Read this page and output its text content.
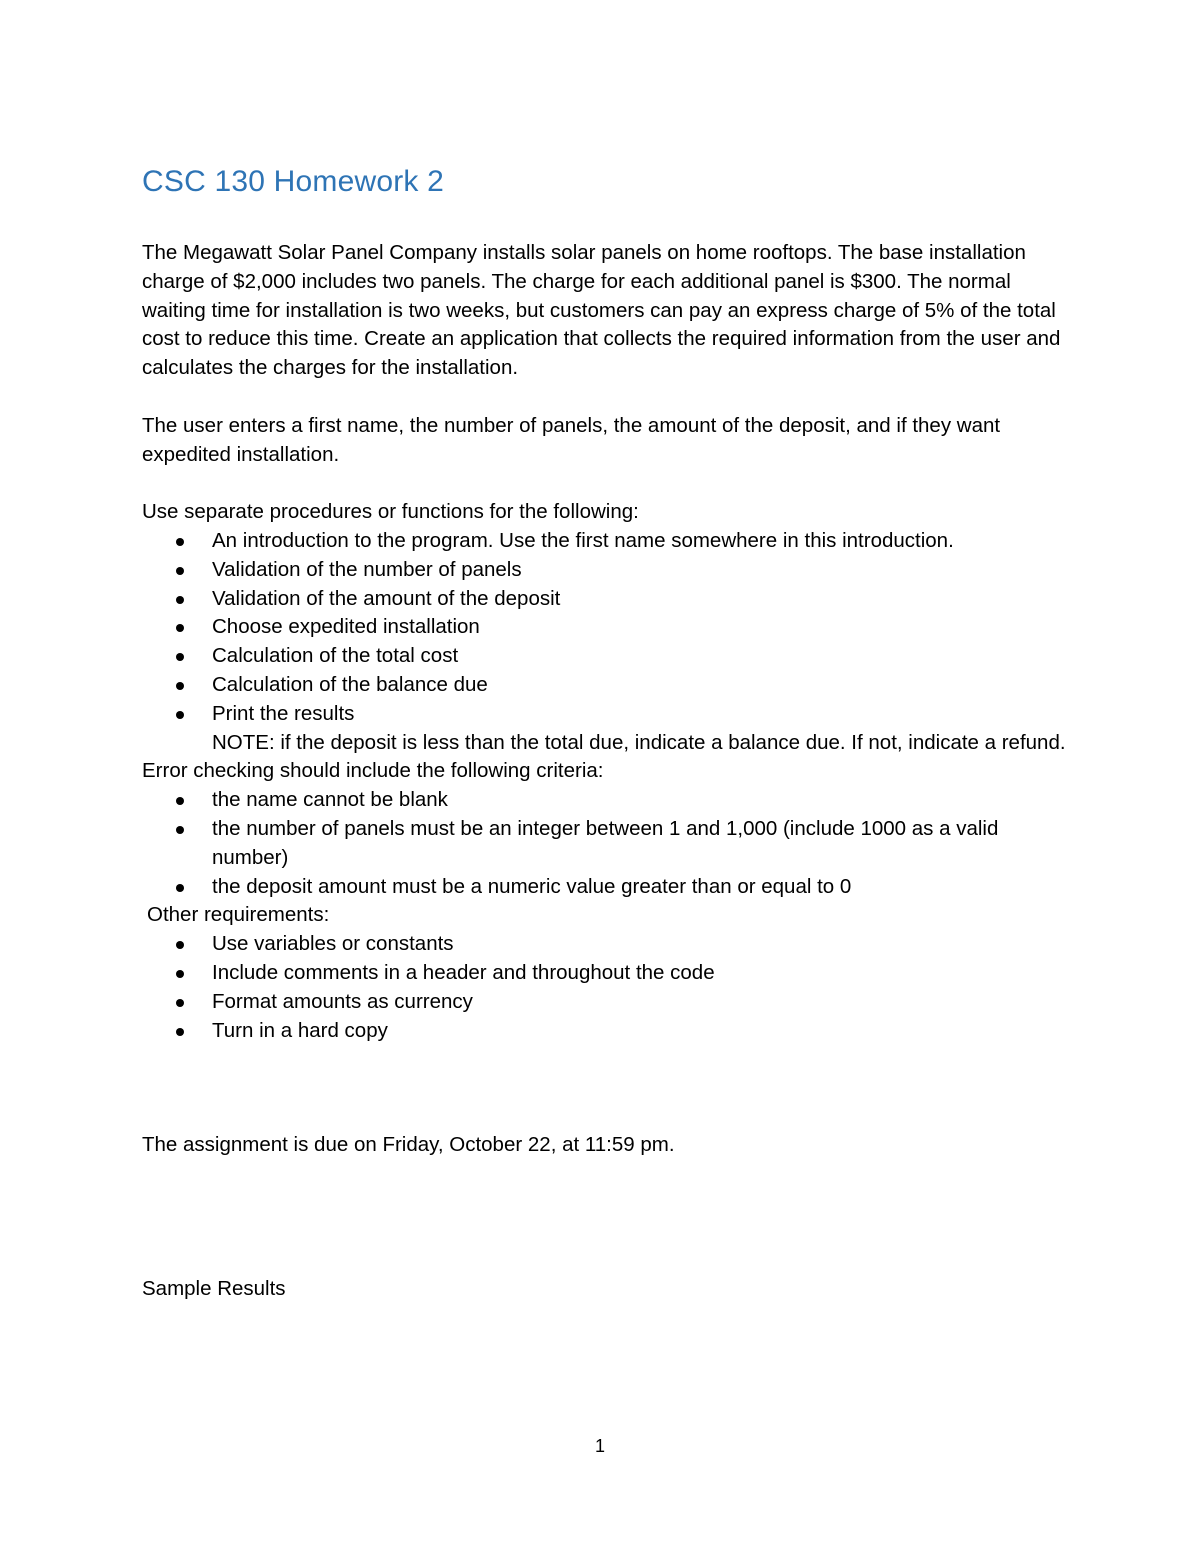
CSC 130 Homework 2

The Megawatt Solar Panel Company installs solar panels on home rooftops. The base installation charge of $2,000 includes two panels. The charge for each additional panel is $300. The normal waiting time for installation is two weeks, but customers can pay an express charge of 5% of the total cost to reduce this time. Create an application that collects the required information from the user and calculates the charges for the installation.

The user enters a first name, the number of panels, the amount of the deposit, and if they want expedited installation.

Use separate procedures or functions for the following:

An introduction to the program. Use the first name somewhere in this introduction.
Validation of the number of panels
Validation of the amount of the deposit
Choose expedited installation
Calculation of the total cost
Calculation of the balance due
Print the results
NOTE: if the deposit is less than the total due, indicate a balance due. If not, indicate a refund.

Error checking should include the following criteria:

the name cannot be blank
the number of panels must be an integer between 1 and 1,000 (include 1000 as a valid number)
the deposit amount must be a numeric value greater than or equal to 0

Other requirements:

Use variables or constants
Include comments in a header and throughout the code
Format amounts as currency
Turn in a hard copy

The assignment is due on Friday, October 22, at 11:59 pm.

Sample Results

1
